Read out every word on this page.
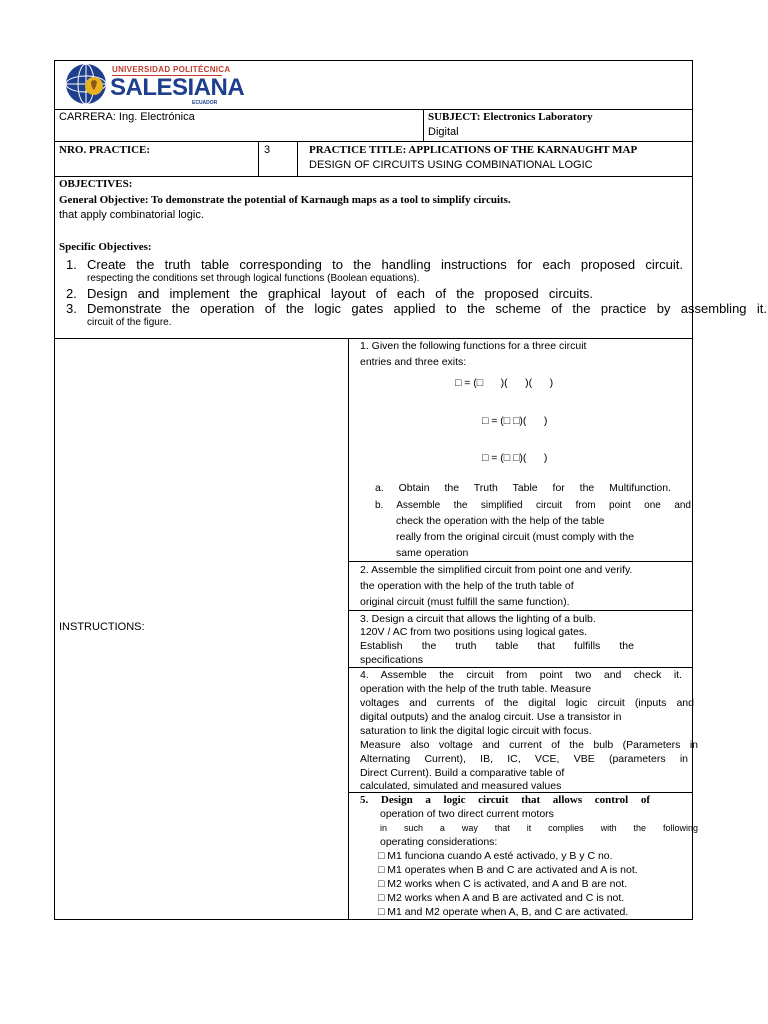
UNIVERSIDAD POLITÉCNICA
SALESIANA
ECUADOR
CARRERA: Ing. Electrónica	SUBJECT: Electronics Laboratory
Digital
NRO. PRACTICE:	3	PRACTICE TITLE: APPLICATIONS OF THE KARNAUGHT MAP
DESIGN OF CIRCUITS USING COMBINATIONAL LOGIC
OBJECTIVES:
General Objective: To demonstrate the potential of Karnaugh maps as a tool to simplify circuits.
that apply combinatorial logic.
Specific Objectives:
1. Create the truth table corresponding to the handling instructions for each proposed circuit.
respecting the conditions set through logical functions (Boolean equations).
2. Design and implement the graphical layout of each of the proposed circuits.
3. Demonstrate the operation of the logic gates applied to the scheme of the practice by assembling it.
circuit of the figure.
INSTRUCTIONS:
1. Given the following functions for a three circuit
entries and three exits:
□ = (□      )(      )(      )
□ = (□ □)(      )
□ = (□ □)(      )
a. Obtain the Truth Table for the Multifunction.
b. Assemble the simplified circuit from point one and
check the operation with the help of the table
really from the original circuit (must comply with the
same operation
2. Assemble the simplified circuit from point one and verify.
the operation with the help of the truth table of
original circuit (must fulfill the same function).
3. Design a circuit that allows the lighting of a bulb.
120V / AC from two positions using logical gates.
Establish the truth table that fulfills the
specifications
4. Assemble the circuit from point two and check it.
operation with the help of the truth table. Measure
voltages and currents of the digital logic circuit (inputs and
digital outputs) and the analog circuit. Use a transistor in
saturation to link the digital logic circuit with focus.
Measure also voltage and current of the bulb (Parameters in
Alternating Current), IB, IC, VCE, VBE (parameters in
Direct Current). Build a comparative table of
calculated, simulated and measured values
5. Design a logic circuit that allows control of
operation of two direct current motors
in such a way that it complies with the following
operating considerations:
□ M1 funciona cuando A esté activado, y B y C no.
□ M1 operates when B and C are activated and A is not.
□ M2 works when C is activated, and A and B are not.
□ M2 works when A and B are activated and C is not.
□ M1 and M2 operate when A, B, and C are activated.
